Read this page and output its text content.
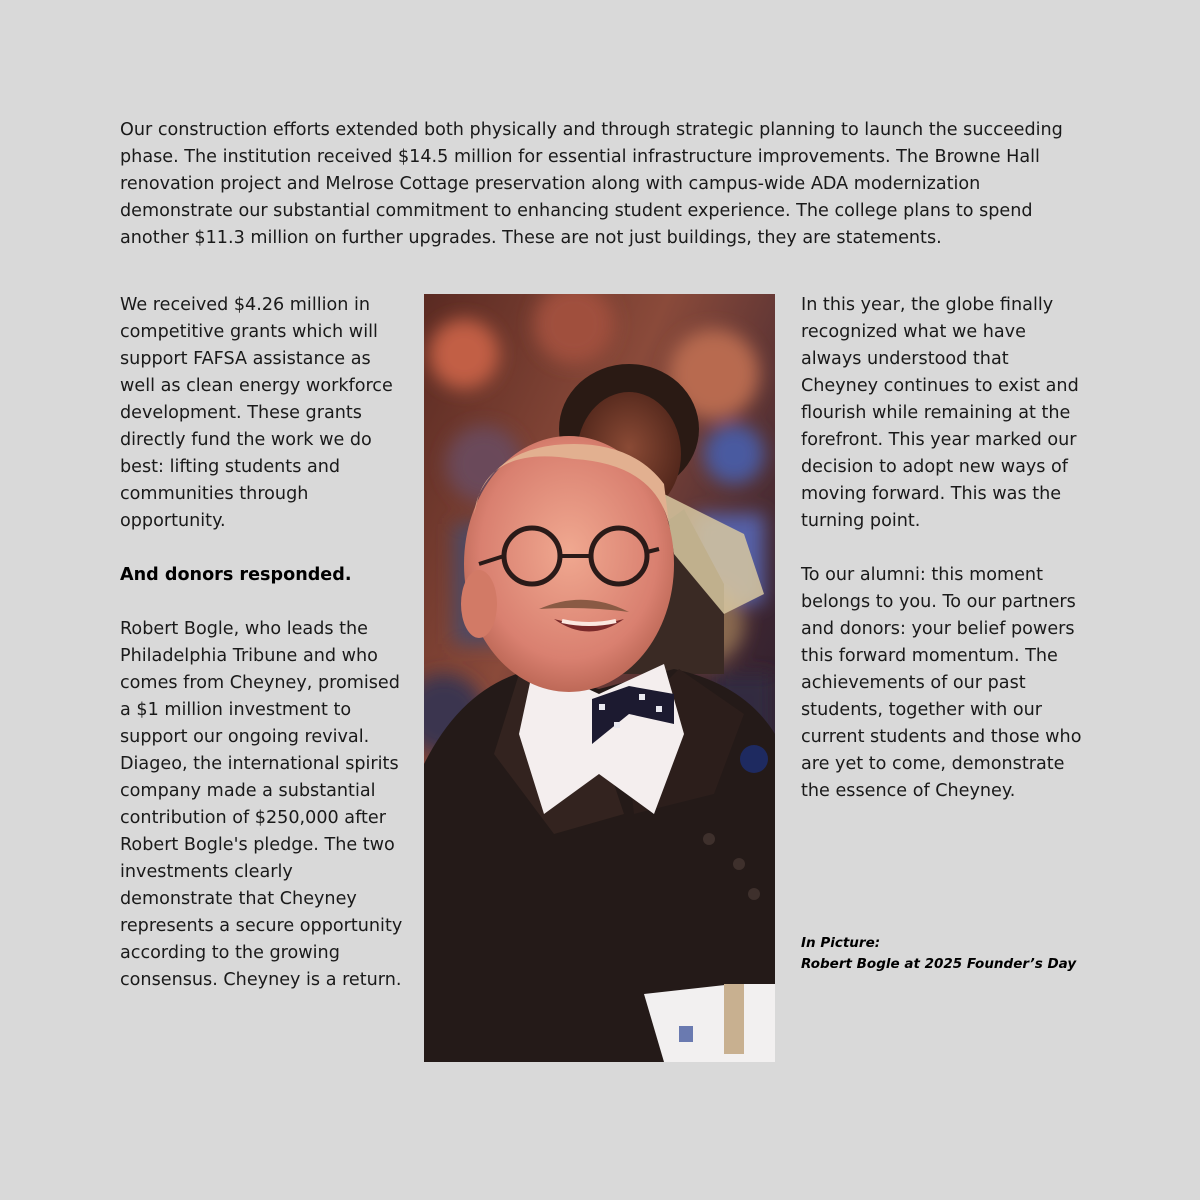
Our construction efforts extended both physically and through strategic planning to launch the succeeding phase. The institution received $14.5 million for essential infrastructure improvements. The Browne Hall renovation project and Melrose Cottage preservation along with campus-wide ADA modernization demonstrate our substantial commitment to enhancing student experience. The college plans to spend another $11.3 million on further upgrades. These are not just buildings, they are statements.

We received $4.26 million in competitive grants which will support FAFSA assistance as well as clean energy workforce development. These grants directly fund the work we do best: lifting students and communities through opportunity.

And donors responded.

Robert Bogle, who leads the Philadelphia Tribune and who comes from Cheyney, promised a $1 million investment to support our ongoing revival. Diageo, the international spirits company made a substantial contribution of $250,000 after Robert Bogle's pledge. The two investments clearly demonstrate that Cheyney represents a secure opportunity according to the growing consensus. Cheyney is a return.

In this year, the globe finally recognized what we have always understood that Cheyney continues to exist and flourish while remaining at the forefront. This year marked our decision to adopt new ways of moving forward. This was the turning point.

To our alumni: this moment belongs to you. To our partners and donors: your belief powers this forward momentum. The achievements of our past students, together with our current students and those who are yet to come, demonstrate the essence of Cheyney.

In Picture:
Robert Bogle at 2025 Founder’s Day
